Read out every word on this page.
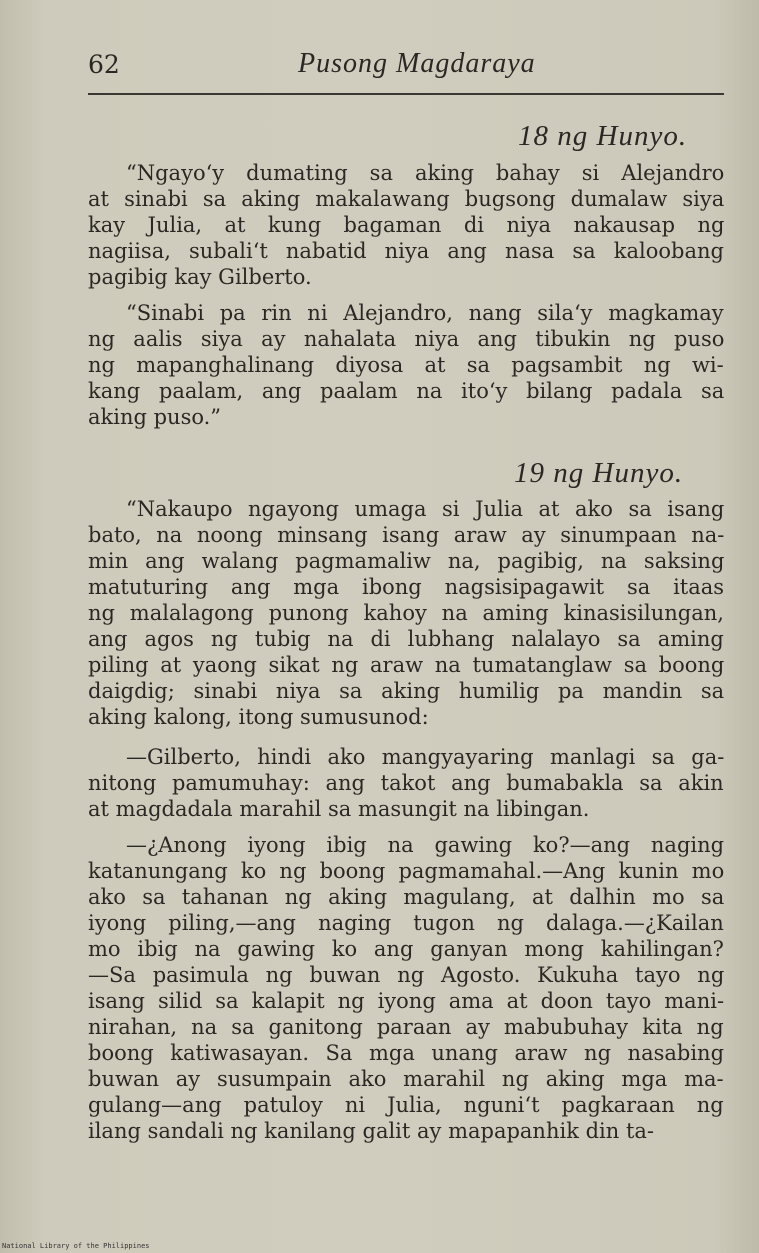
62	Pusong Magdaraya
18 ng Hunyo.
“Ngayo‘y dumating sa aking bahay si Alejandro
at sinabi sa aking makalawang bugsong dumalaw siya
kay Julia, at kung bagaman di niya nakausap ng
nagiisa, subali‘t nabatid niya ang nasa sa kaloobang
pagibig kay Gilberto.
“Sinabi pa rin ni Alejandro, nang sila‘y magkamay
ng aalis siya ay nahalata niya ang tibukin ng puso
ng mapanghalinang diyosa at sa pagsambit ng wi-
kang paalam, ang paalam na ito‘y bilang padala sa
aking puso.”
19 ng Hunyo.
“Nakaupo ngayong umaga si Julia at ako sa isang
bato, na noong minsang isang araw ay sinumpaan na-
min ang walang pagmamaliw na, pagibig, na saksing
matuturing ang mga ibong nagsisipagawit sa itaas
ng malalagong punong kahoy na aming kinasisilungan,
ang agos ng tubig na di lubhang nalalayo sa aming
piling at yaong sikat ng araw na tumatanglaw sa boong
daigdig; sinabi niya sa aking humilig pa mandin sa
aking kalong, itong sumusunod:
—Gilberto, hindi ako mangyayaring manlagi sa ga-
nitong pamumuhay: ang takot ang bumabakla sa akin
at magdadala marahil sa masungit na libingan.
—¿Anong iyong ibig na gawing ko?—ang naging
katanungang ko ng boong pagmamahal.—Ang kunin mo
ako sa tahanan ng aking magulang, at dalhin mo sa
iyong piling,—ang naging tugon ng dalaga.—¿Kailan
mo ibig na gawing ko ang ganyan mong kahilingan?
—Sa pasimula ng buwan ng Agosto. Kukuha tayo ng
isang silid sa kalapit ng iyong ama at doon tayo mani-
nirahan, na sa ganitong paraan ay mabubuhay kita ng
boong katiwasayan. Sa mga unang araw ng nasabing
buwan ay susumpain ako marahil ng aking mga ma-
gulang—ang patuloy ni Julia, nguni‘t pagkaraan ng
ilang sandali ng kanilang galit ay mapapanhik din ta-
National Library of the Philippines
